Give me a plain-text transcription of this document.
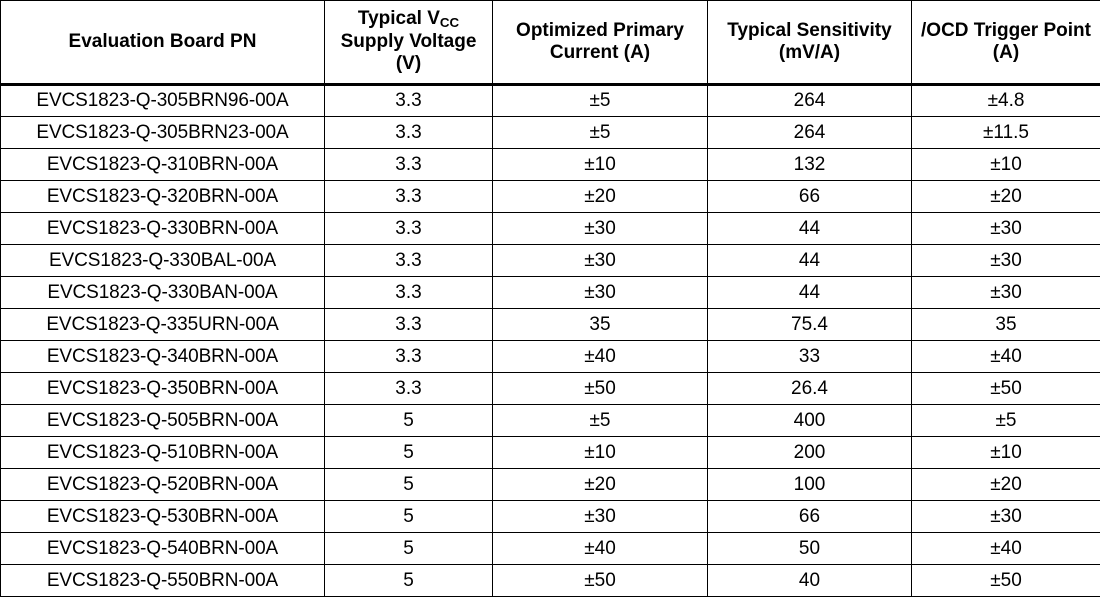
Evaluation Board PN	Typical VCC
Supply Voltage (V)	Optimized Primary Current (A)	Typical Sensitivity (mV/A)	/OCD Trigger Point (A)
EVCS1823-Q-305BRN96-00A	3.3	±5	264	±4.8
EVCS1823-Q-305BRN23-00A	3.3	±5	264	±11.5
EVCS1823-Q-310BRN-00A	3.3	±10	132	±10
EVCS1823-Q-320BRN-00A	3.3	±20	66	±20
EVCS1823-Q-330BRN-00A	3.3	±30	44	±30
EVCS1823-Q-330BAL-00A	3.3	±30	44	±30
EVCS1823-Q-330BAN-00A	3.3	±30	44	±30
EVCS1823-Q-335URN-00A	3.3	35	75.4	35
EVCS1823-Q-340BRN-00A	3.3	±40	33	±40
EVCS1823-Q-350BRN-00A	3.3	±50	26.4	±50
EVCS1823-Q-505BRN-00A	5	±5	400	±5
EVCS1823-Q-510BRN-00A	5	±10	200	±10
EVCS1823-Q-520BRN-00A	5	±20	100	±20
EVCS1823-Q-530BRN-00A	5	±30	66	±30
EVCS1823-Q-540BRN-00A	5	±40	50	±40
EVCS1823-Q-550BRN-00A	5	±50	40	±50
